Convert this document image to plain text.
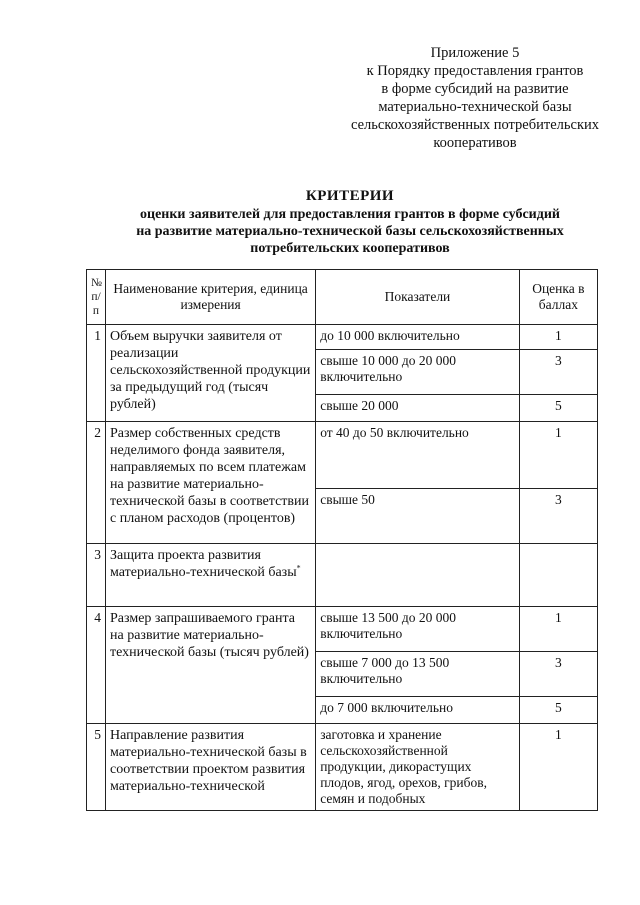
Приложение 5
к Порядку предоставления грантов
в форме субсидий на развитие
материально-технической базы
сельскохозяйственных потребительских
кооперативов
КРИТЕРИИ
оценки заявителей для предоставления грантов в форме субсидий
на развитие материально-технической базы сельскохозяйственных
потребительских кооперативов
№
п/п	Наименование критерия, единица измерения	Показатели	Оценка в баллах
1	Объем выручки заявителя от реализации сельскохозяйственной продукции за предыдущий год (тысяч рублей)	до 10 000 включительно	1
		свыше 10 000 до 20 000 включительно	3
		свыше 20 000	5
2	Размер собственных средств неделимого фонда заявителя, направляемых по всем платежам на развитие материально-технической базы в соответствии с планом расходов (процентов)	от 40 до 50 включительно	1
		свыше 50	3
3	Защита проекта развития материально-технической базы*		
4	Размер запрашиваемого гранта на развитие материально-технической базы (тысяч рублей)	свыше 13 500 до 20 000 включительно	1
		свыше 7 000 до 13 500 включительно	3
		до 7 000 включительно	5
5	Направление развития материально-технической базы в соответствии проектом развития материально-технической	заготовка и хранение сельскохозяйственной продукции, дикорастущих плодов, ягод, орехов, грибов, семян и подобных	1
